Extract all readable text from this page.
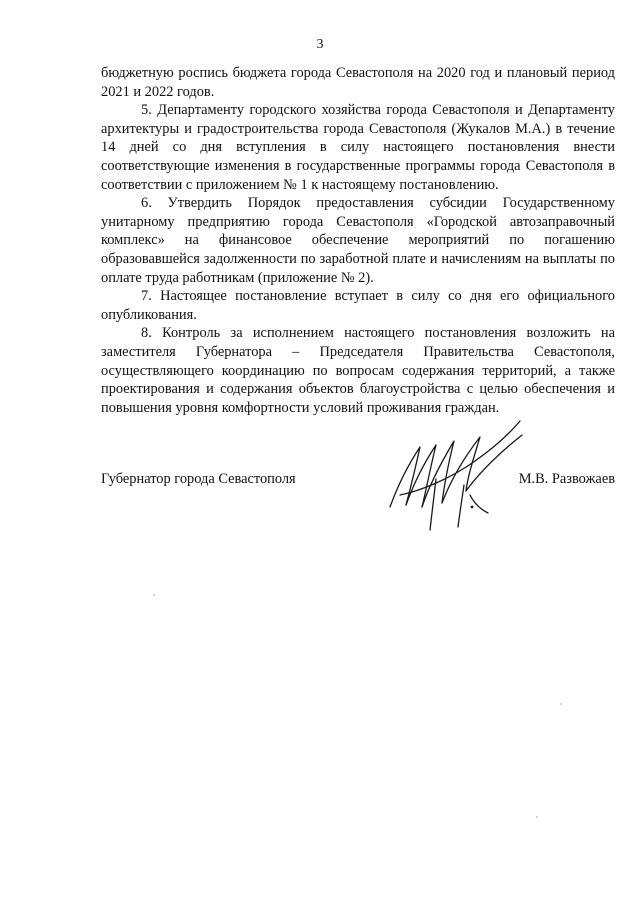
3

бюджетную роспись бюджета города Севастополя на 2020 год и плановый период 2021 и 2022 годов.

5. Департаменту городского хозяйства города Севастополя и Департаменту архитектуры и градостроительства города Севастополя (Жукалов М.А.) в течение 14 дней со дня вступления в силу настоящего постановления внести соответствующие изменения в государственные программы города Севастополя в соответствии с приложением № 1 к настоящему постановлению.

6. Утвердить Порядок предоставления субсидии Государственному унитарному предприятию города Севастополя «Городской автозаправочный комплекс» на финансовое обеспечение мероприятий по погашению образовавшейся задолженности по заработной плате и начислениям на выплаты по оплате труда работникам (приложение № 2).

7. Настоящее постановление вступает в силу со дня его официального опубликования.

8. Контроль за исполнением настоящего постановления возложить на заместителя Губернатора – Председателя Правительства Севастополя, осуществляющего координацию по вопросам содержания территорий, а также проектирования и содержания объектов благоустройства с целью обеспечения и повышения уровня комфортности условий проживания граждан.

Губернатор города Севастополя	М.В. Развожаев
